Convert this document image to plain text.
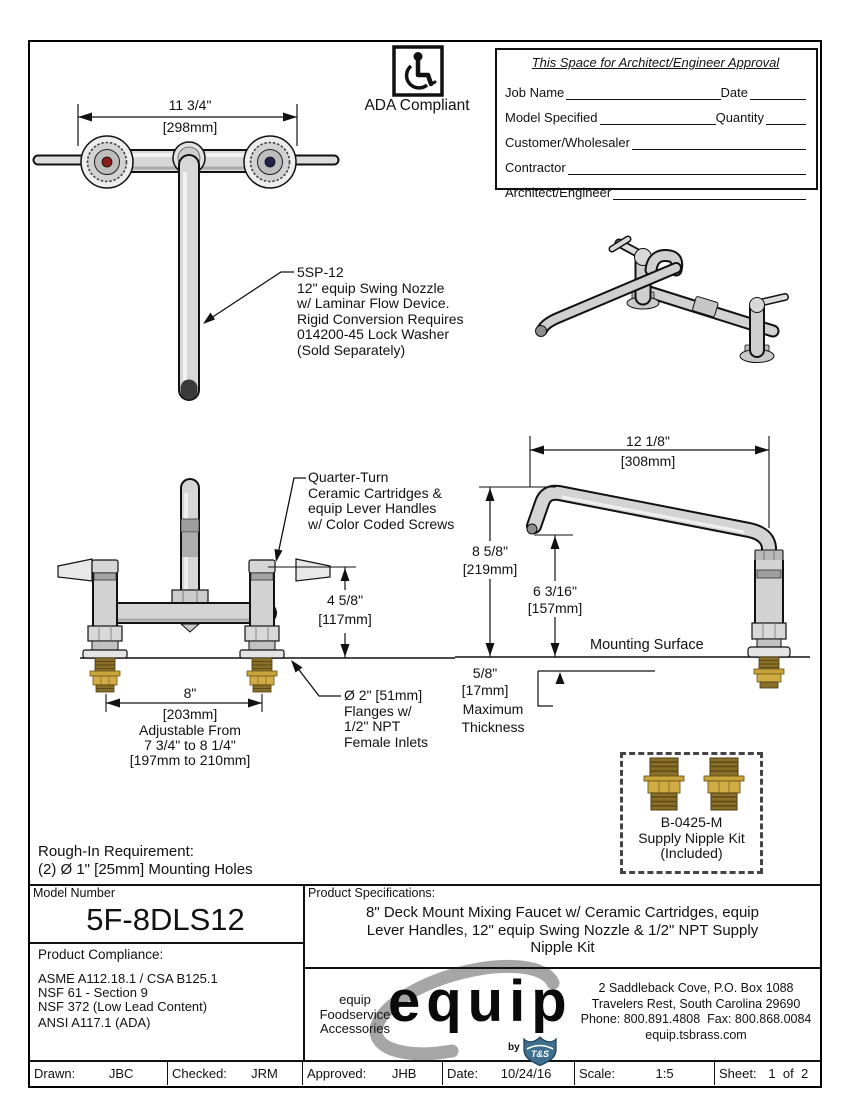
ADA Compliant
This Space for Architect/Engineer Approval
Job Name	Date
Model Specified	Quantity
Customer/Wholesaler
Contractor
Architect/Engineer
11 3/4"
[298mm]
5SP-12
12" equip Swing Nozzle
w/ Laminar Flow Device.
Rigid Conversion Requires
014200-45 Lock Washer
(Sold Separately)
Quarter-Turn
Ceramic Cartridges &
equip Lever Handles
w/ Color Coded Screws
4 5/8"
[117mm]
8"
[203mm]
Adjustable From
7 3/4" to 8 1/4"
[197mm to 210mm]
Ø 2" [51mm]
Flanges w/
1/2" NPT
Female Inlets
12 1/8"
[308mm]
8 5/8"
[219mm]
6 3/16"
[157mm]
Mounting Surface
5/8"
[17mm]
Maximum
Thickness
B-0425-M
Supply Nipple Kit
(Included)
Rough-In Requirement:
(2) Ø 1" [25mm] Mounting Holes
Model Number
5F-8DLS12
Product Compliance:
ASME A112.18.1 / CSA B125.1
NSF 61 - Section 9
NSF 372 (Low Lead Content)
ANSI A117.1 (ADA)
Product Specifications:
8" Deck Mount Mixing Faucet w/ Ceramic Cartridges, equip
Lever Handles, 12" equip Swing Nozzle & 1/2" NPT Supply
Nipple Kit
equip
Foodservice
Accessories
equip
by
T&S
2 Saddleback Cove, P.O. Box 1088
Travelers Rest, South Carolina 29690
Phone: 800.891.4808  Fax: 800.868.0084
equip.tsbrass.com
Drawn:	JBC	Checked:	JRM	Approved:	JHB	Date:	10/24/16	Scale:	1:5	Sheet: 1  of  2
